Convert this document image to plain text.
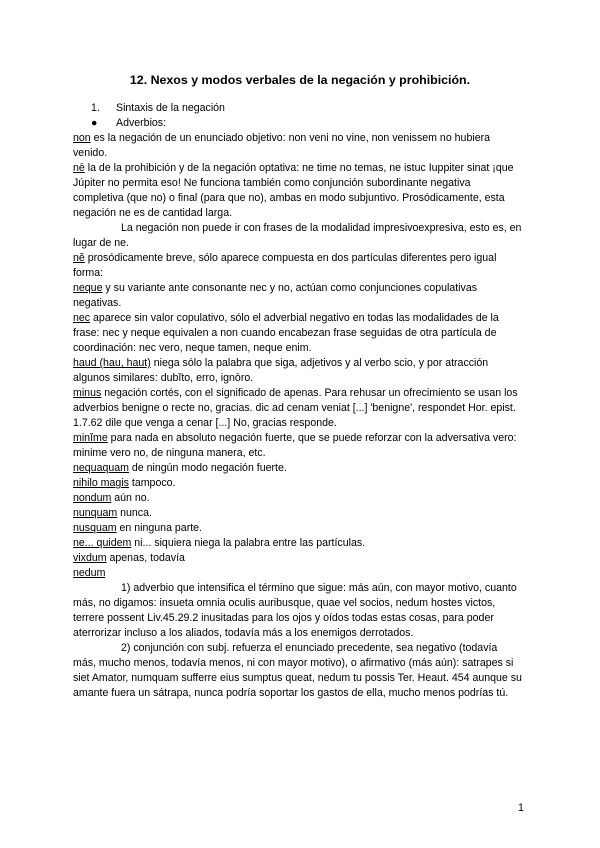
12. Nexos y modos verbales de la negación y prohibición.
1. Sintaxis de la negación
● Adverbios:

non es la negación de un enunciado objetivo: non veni no vine, non venissem no hubiera venido.

nē la de la prohibición y de la negación optativa: ne time no temas, ne istuc Iuppiter sinat ¡que Júpiter no permita eso! Ne funciona también como conjunción subordinante negativa completiva (que no) o final (para que no), ambas en modo subjuntivo. Prosódicamente, esta negación ne es de cantidad larga.

La negación non puede ir con frases de la modalidad impresivoexpresiva, esto es, en lugar de ne.

nĕ prosódicamente breve, sólo aparece compuesta en dos partículas diferentes pero igual forma:

neque y su variante ante consonante nec y no, actúan como conjunciones copulativas negativas.

nec aparece sin valor copulativo, sólo el adverbial negativo en todas las modalidades de la frase: nec y neque equivalen a non cuando encabezan frase seguidas de otra partícula de coordinación: nec vero, neque tamen, neque enim.

haud (hau, haut) niega sólo la palabra que siga, adjetivos y al verbo scio, y por atracción algunos similares: dubĭto, erro, ignōro.

minus negación cortés, con el significado de apenas. Para rehusar un ofrecimiento se usan los adverbios benigne o recte no, gracias. dic ad cenam veniat [...] 'benigne', respondet Hor. epist. 1.7.62 dile que venga a cenar [...] No, gracias responde.

minĭme para nada en absoluto negación fuerte, que se puede reforzar con la adversativa vero: minime vero no, de ninguna manera, etc.

nequaquam de ningún modo negación fuerte.

nihilo magis tampoco.

nondum aún no.

nunquam nunca.

nusquam en ninguna parte.

ne... quidem ni... siquiera niega la palabra entre las partículas.

vixdum apenas, todavía

nedum

1) adverbio que intensifica el término que sigue: más aún, con mayor motivo, cuanto más, no digamos: insueta omnia oculis auribusque, quae vel socios, nedum hostes victos, terrere possent Liv.45.29.2 inusitadas para los ojos y oídos todas estas cosas, para poder aterrorizar incluso a los aliados, todavía más a los enemigos derrotados.

2) conjunción con subj. refuerza el enunciado precedente, sea negativo (todavía más, mucho menos, todavía menos, ni con mayor motivo), o afirmativo (más aún): satrapes si siet Amator, numquam sufferre eius sumptus queat, nedum tu possis Ter. Heaut. 454 aunque su amante fuera un sátrapa, nunca podría soportar los gastos de ella, mucho menos podrías tú.

1
